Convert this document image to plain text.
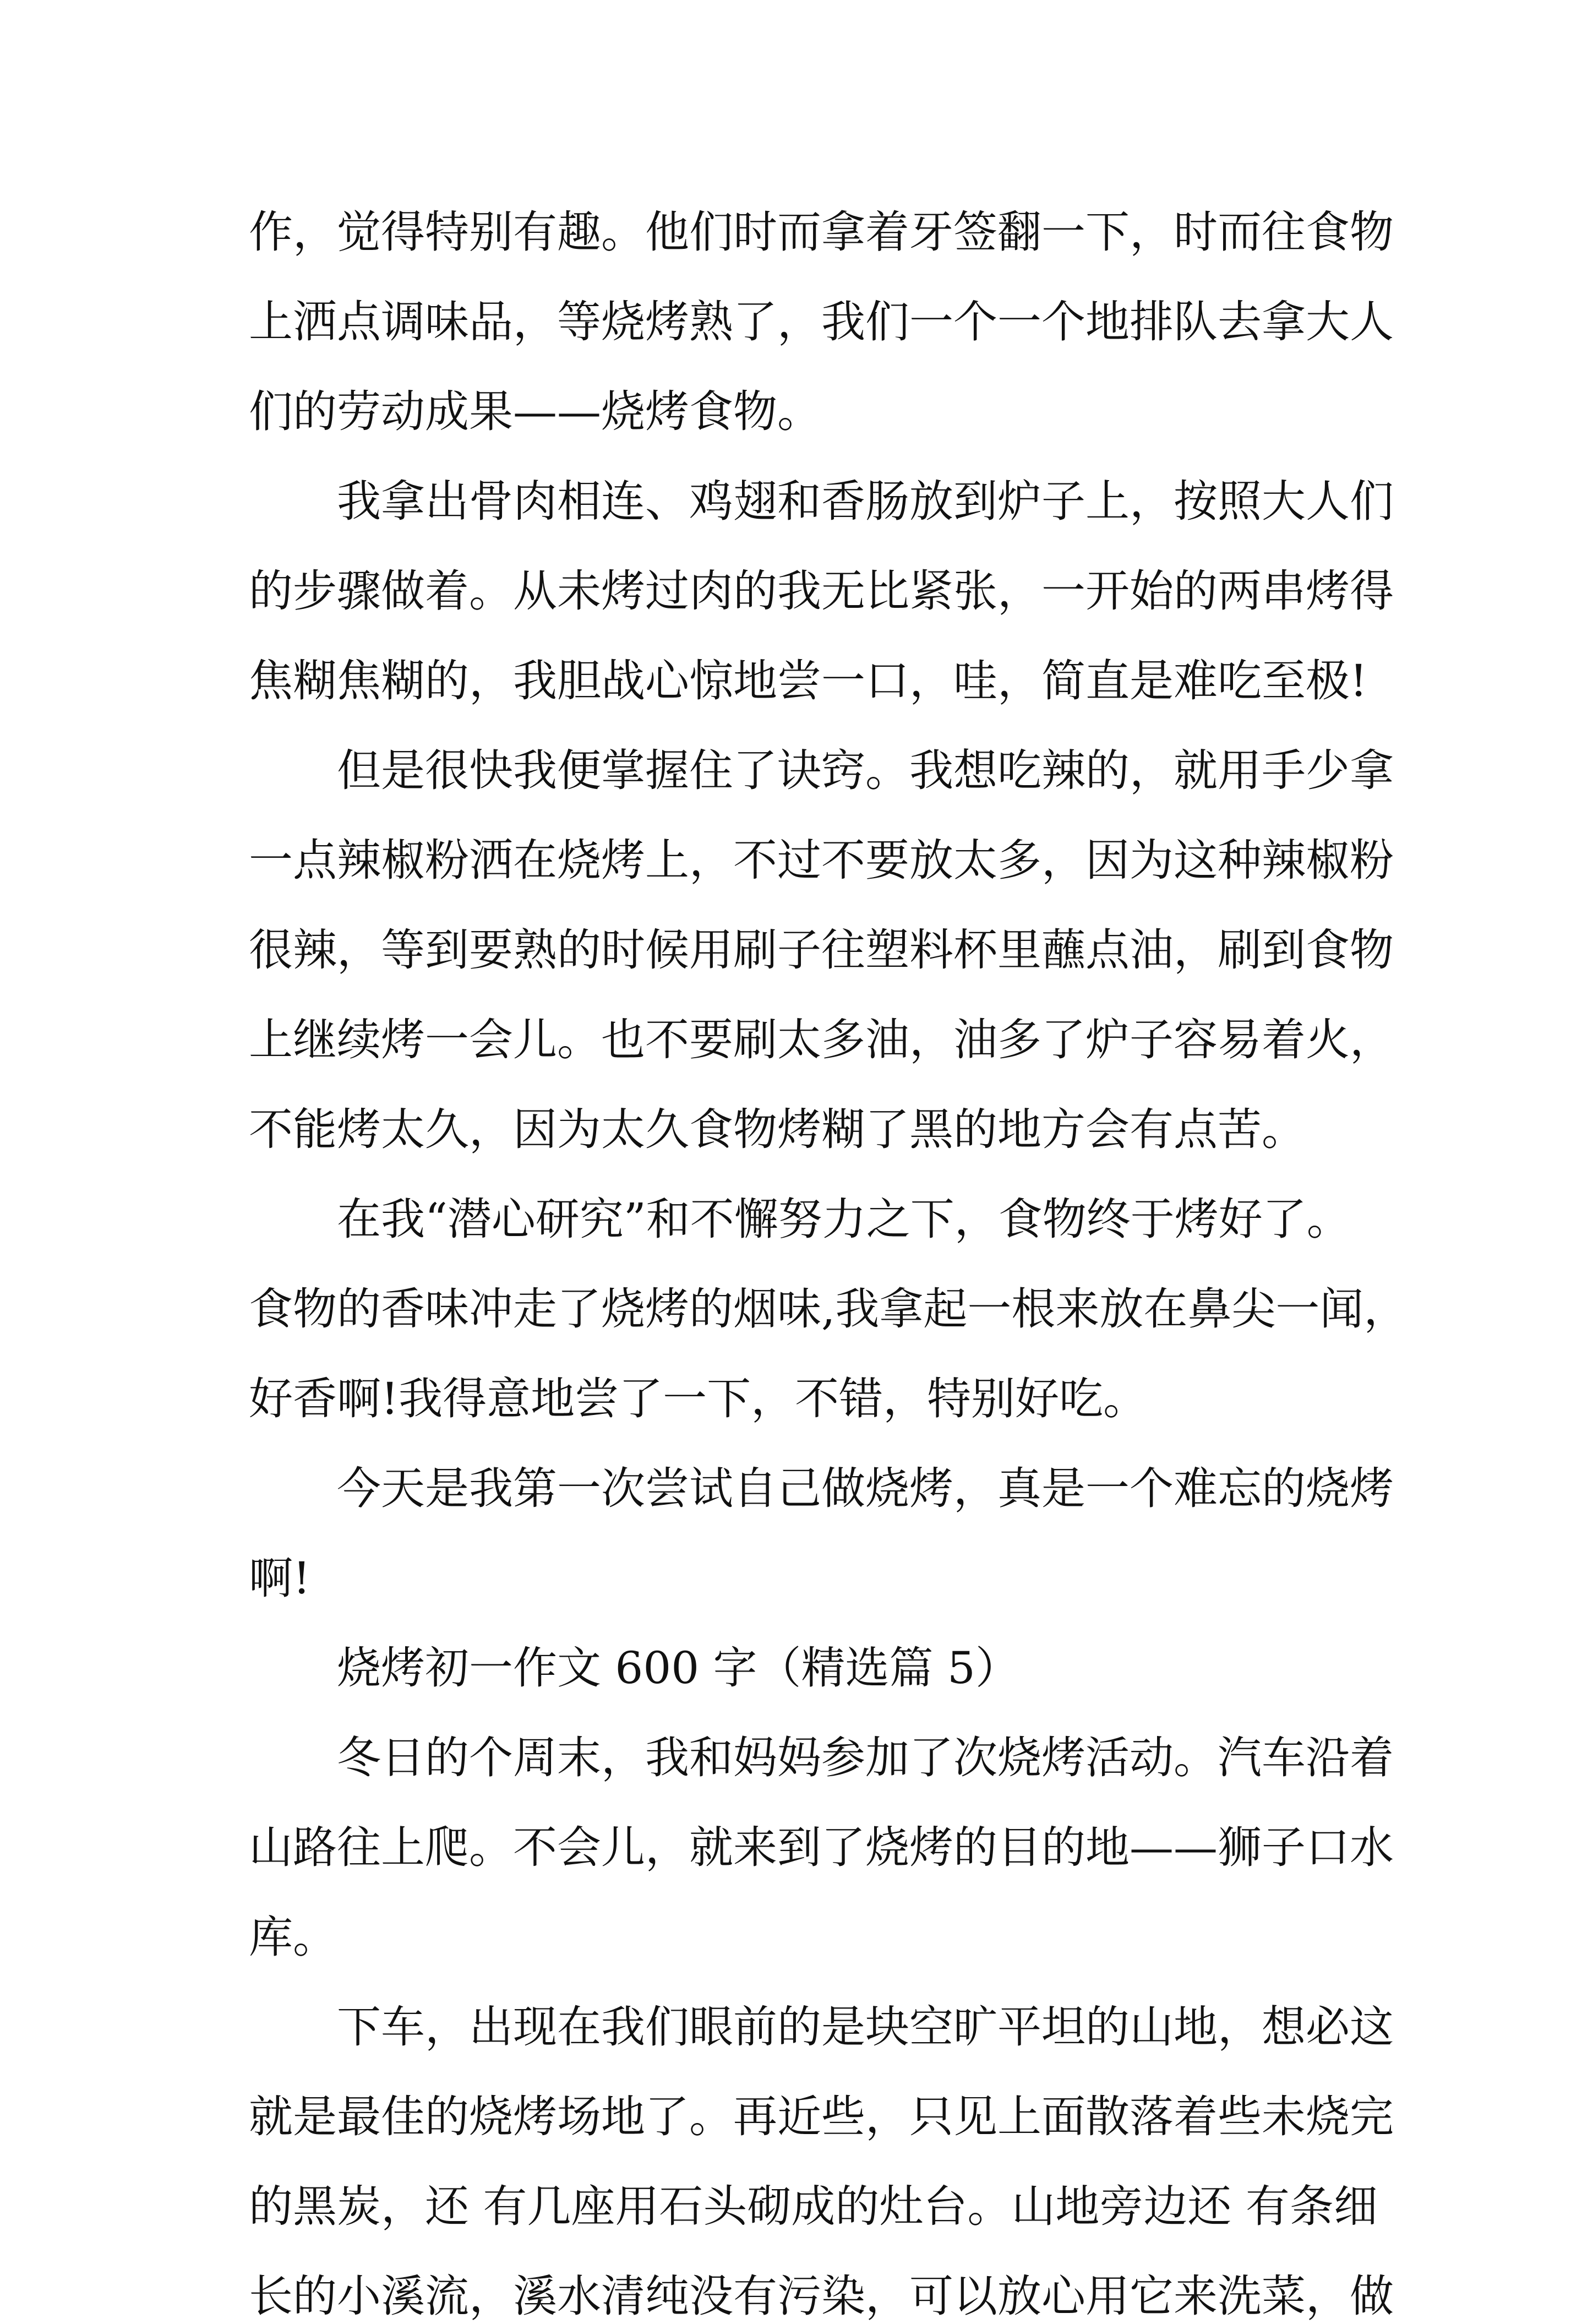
作，觉得特别有趣。他们时而拿着牙签翻一下，时而往食物
上洒点调味品，等烧烤熟了，我们一个一个地排队去拿大人
们的劳动成果——烧烤食物。
　　我拿出骨肉相连、鸡翅和香肠放到炉子上，按照大人们
的步骤做着。从未烤过肉的我无比紧张，一开始的两串烤得
焦糊焦糊的，我胆战心惊地尝一口，哇，简直是难吃至极!
　　但是很快我便掌握住了诀窍。我想吃辣的，就用手少拿
一点辣椒粉洒在烧烤上，不过不要放太多，因为这种辣椒粉
很辣，等到要熟的时候用刷子往塑料杯里蘸点油，刷到食物
上继续烤一会儿。也不要刷太多油，油多了炉子容易着火，
不能烤太久，因为太久食物烤糊了黑的地方会有点苦。
　　在我“潜心研究”和不懈努力之下，食物终于烤好了。
食物的香味冲走了烧烤的烟味,我拿起一根来放在鼻尖一闻，
好香啊!我得意地尝了一下，不错，特别好吃。
　　今天是我第一次尝试自己做烧烤，真是一个难忘的烧烤
啊!
　　烧烤初一作文 600 字（精选篇 5）
　　冬日的个周末，我和妈妈参加了次烧烤活动。汽车沿着
山路往上爬。不会儿，就来到了烧烤的目的地——狮子口水
库。
　　下车，出现在我们眼前的是块空旷平坦的山地，想必这
就是最佳的烧烤场地了。再近些，只见上面散落着些未烧完
的黑炭，还 有几座用石头砌成的灶台。山地旁边还 有条细
长的小溪流，溪水清纯没有污染，可以放心用它来洗菜，做
